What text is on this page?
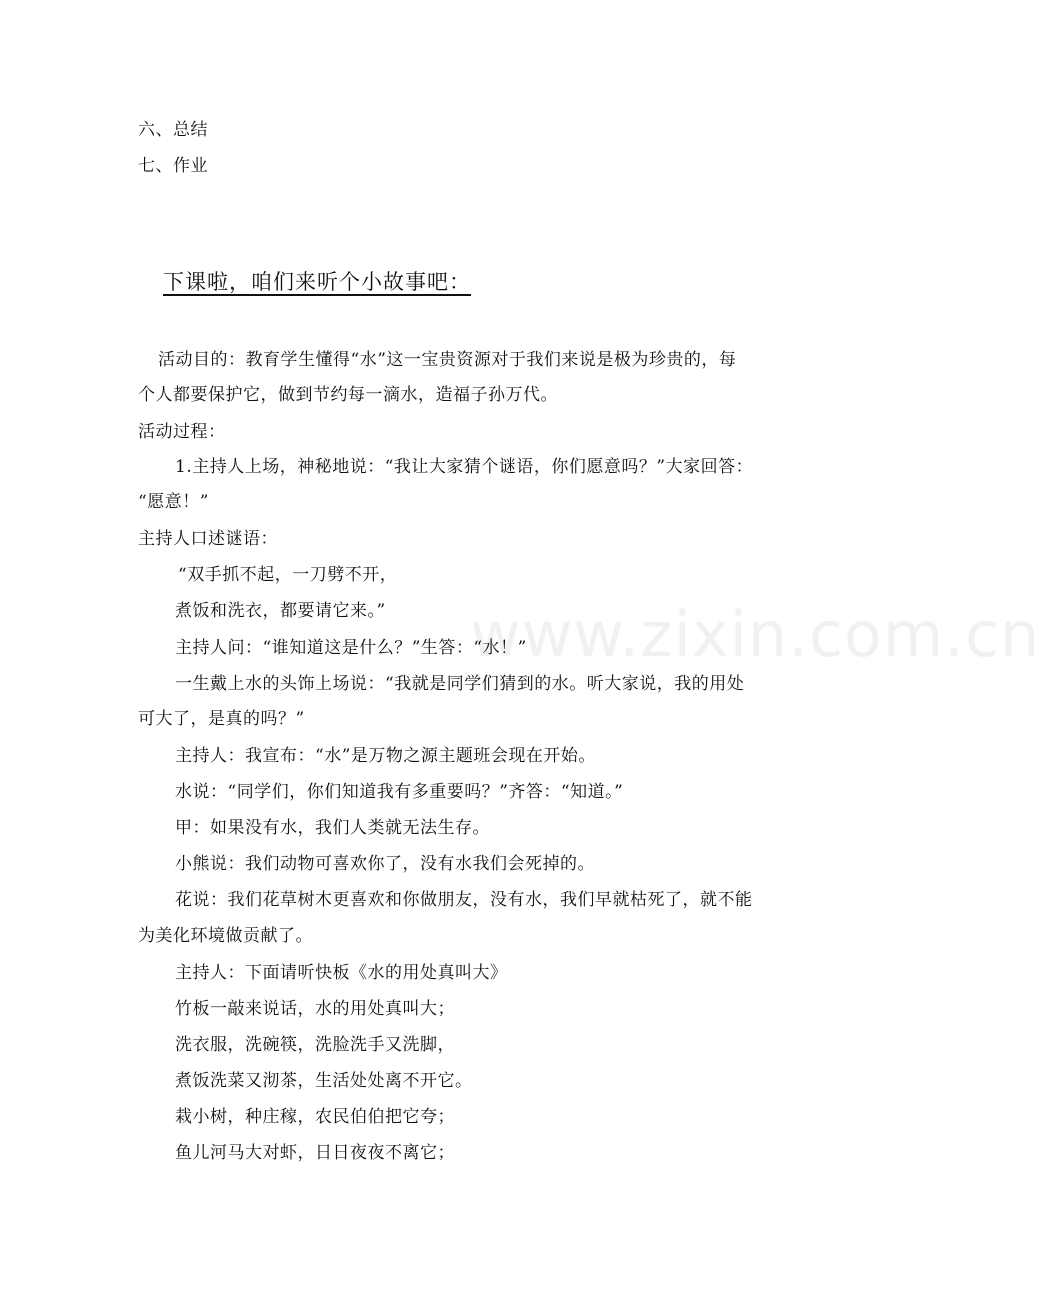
六、总结
七、作业
下课啦，咱们来听个小故事吧：
www.zixin.com.cn
活动目的：教育学生懂得“水”这一宝贵资源对于我们来说是极为珍贵的，每
个人都要保护它，做到节约每一滴水，造福子孙万代。
活动过程：
1.主持人上场，神秘地说：“我让大家猜个谜语，你们愿意吗？”大家回答：
“愿意！”
主持人口述谜语：
“双手抓不起，一刀劈不开，
煮饭和洗衣，都要请它来。”
主持人问：“谁知道这是什么？”生答：“水！”
一生戴上水的头饰上场说：“我就是同学们猜到的水。听大家说，我的用处
可大了，是真的吗？”
主持人：我宣布：“水”是万物之源主题班会现在开始。
水说：“同学们，你们知道我有多重要吗？”齐答：“知道。”
甲：如果没有水，我们人类就无法生存。
小熊说：我们动物可喜欢你了，没有水我们会死掉的。
花说：我们花草树木更喜欢和你做朋友，没有水，我们早就枯死了，就不能
为美化环境做贡献了。
主持人：下面请听快板《水的用处真叫大》
竹板一敲来说话，水的用处真叫大；
洗衣服，洗碗筷，洗脸洗手又洗脚，
煮饭洗菜又沏茶，生活处处离不开它。
栽小树，种庄稼，农民伯伯把它夸；
鱼儿河马大对虾，日日夜夜不离它；
